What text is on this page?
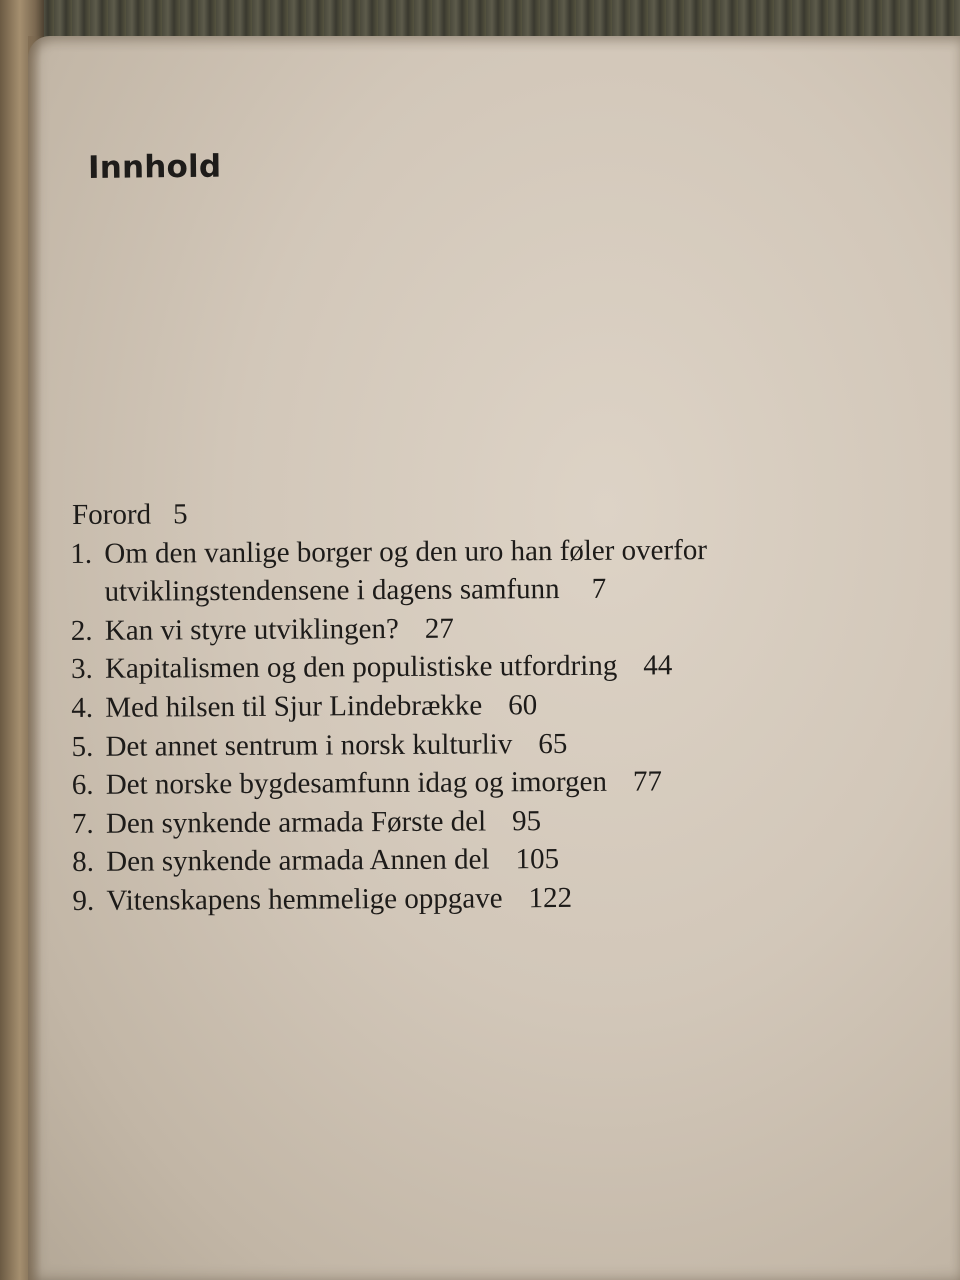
Innhold
Forord 5
1. Om den vanlige borger og den uro han føler overfor
utviklingstendensene i dagens samfunn 7
2. Kan vi styre utviklingen? 27
3. Kapitalismen og den populistiske utfordring 44
4. Med hilsen til Sjur Lindebrække 60
5. Det annet sentrum i norsk kulturliv 65
6. Det norske bygdesamfunn idag og imorgen 77
7. Den synkende armada Første del 95
8. Den synkende armada Annen del 105
9. Vitenskapens hemmelige oppgave 122
